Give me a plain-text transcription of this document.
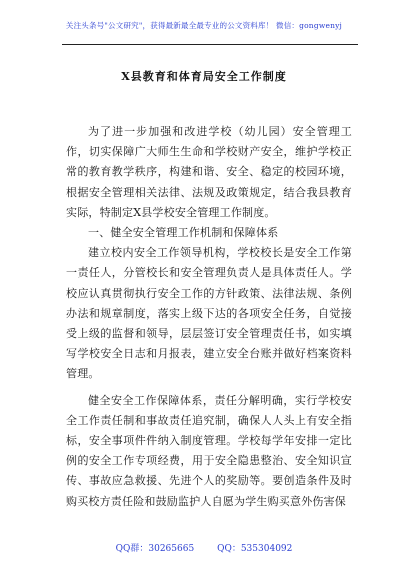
关注头条号"公文研究"，获得最新最全最专业的公文资料库！ 微信：gongwenyj
X县教育和体育局安全工作制度

为了进一步加强和改进学校（幼儿园）安全管理工作，切实保障广大师生生命和学校财产安全，维护学校正常的教育教学秩序，构建和谐、安全、稳定的校园环境，根据安全管理相关法律、法规及政策规定，结合我县教育实际，特制定X县学校安全管理工作制度。

一、健全安全管理工作机制和保障体系

建立校内安全工作领导机构，学校校长是安全工作第一责任人，分管校长和安全管理负责人是具体责任人。学校应认真贯彻执行安全工作的方针政策、法律法规、条例办法和规章制度，落实上级下达的各项安全任务，自觉接受上级的监督和领导，层层签订安全管理责任书，如实填写学校安全日志和月报表，建立安全台账并做好档案资料管理。

健全安全工作保障体系，责任分解明确，实行学校安全工作责任制和事故责任追究制，确保人人头上有安全指标，安全事项件件纳入制度管理。学校每学年安排一定比例的安全工作专项经费，用于安全隐患整治、安全知识宣传、事故应急救援、先进个人的奖励等。要创造条件及时购买校方责任险和鼓励监护人自愿为学生购买意外伤害保

QQ群：30265665	QQ：535304092
